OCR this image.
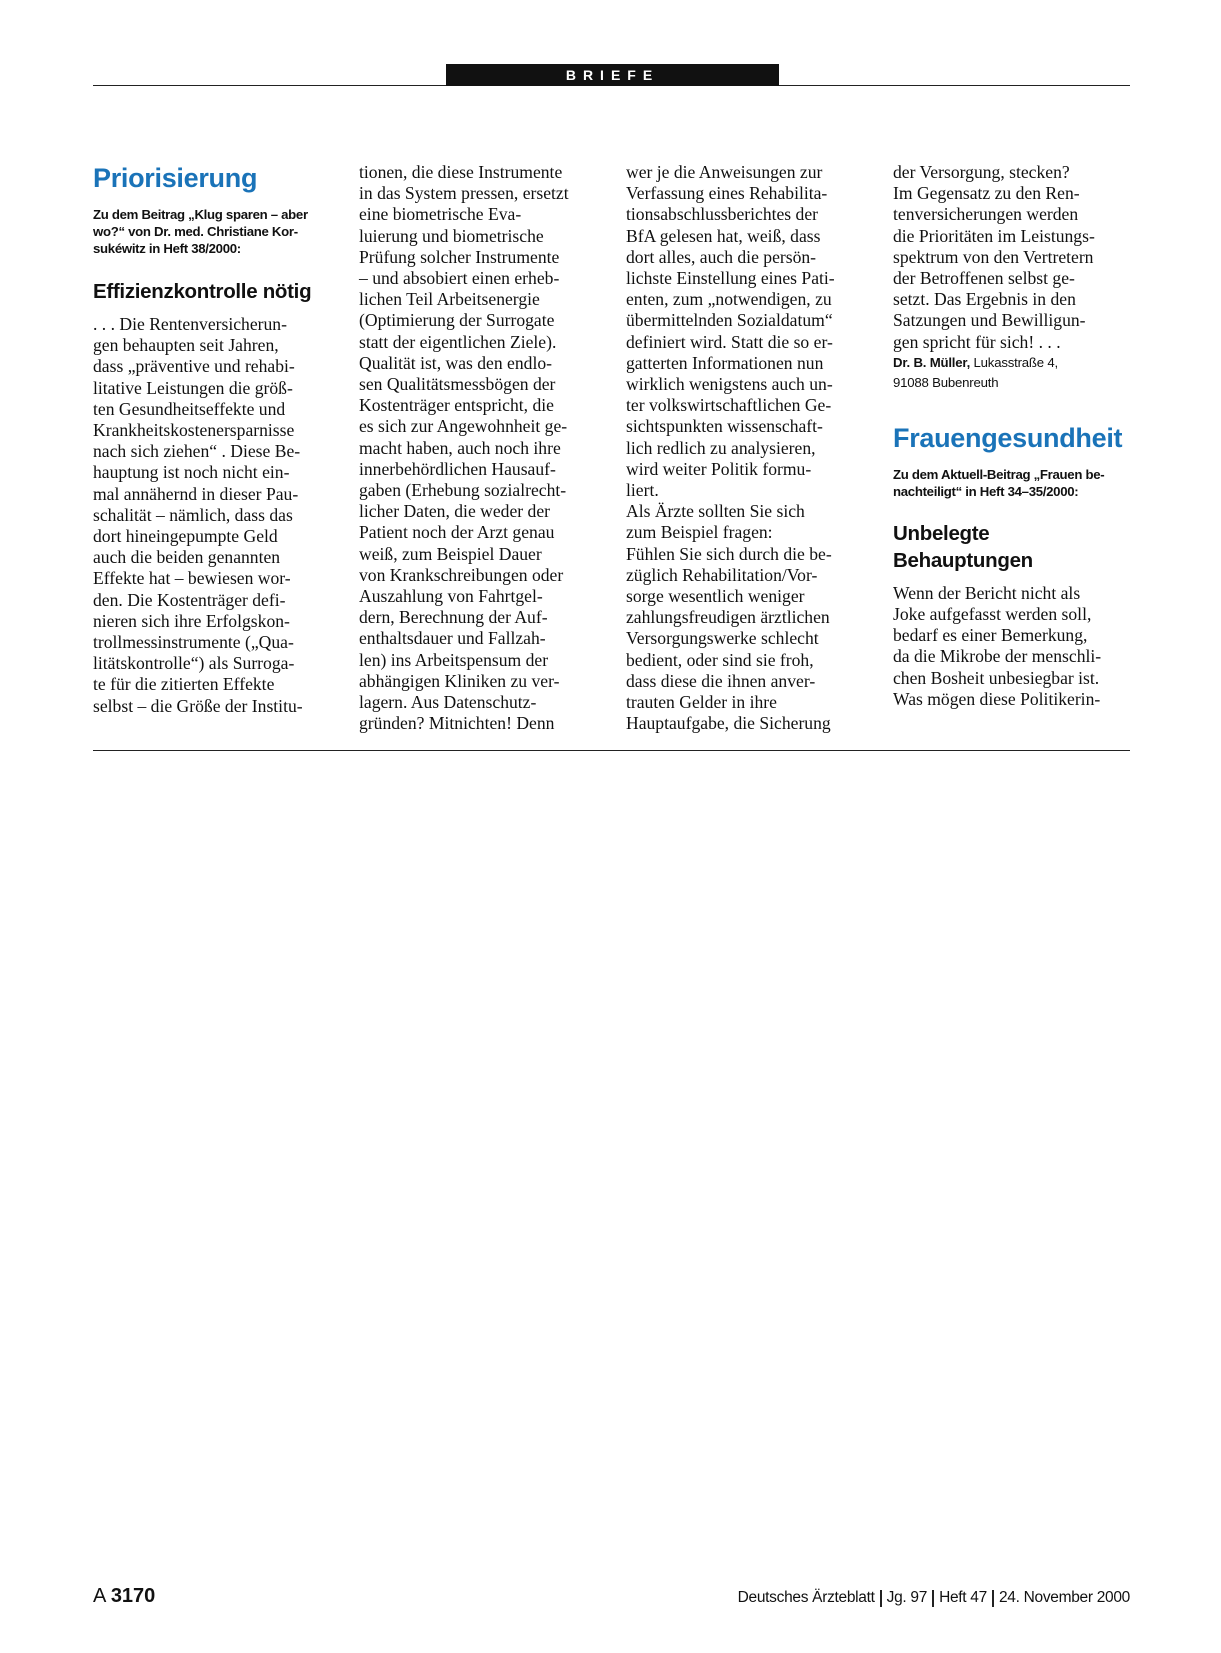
BRIEFE
Priorisierung

Zu dem Beitrag „Klug sparen – aber
wo?“ von Dr. med. Christiane Kor-
sukéwitz in Heft 38/2000:

Effizienzkontrolle nötig

. . . Die Rentenversicherun-
gen behaupten seit Jahren,
dass „präventive und rehabi-
litative Leistungen die größ-
ten Gesundheitseffekte und
Krankheitskostenersparnisse
nach sich ziehen“ . Diese Be-
hauptung ist noch nicht ein-
mal annähernd in dieser Pau-
schalität – nämlich, dass das
dort hineingepumpte Geld
auch die beiden genannten
Effekte hat – bewiesen wor-
den. Die Kostenträger defi-
nieren sich ihre Erfolgskon-
trollmessinstrumente („Qua-
litätskontrolle“) als Surroga-
te für die zitierten Effekte
selbst – die Größe der Institu-

tionen, die diese Instrumente
in das System pressen, ersetzt
eine biometrische Eva-
luierung und biometrische
Prüfung solcher Instrumente
– und absobiert einen erheb-
lichen Teil Arbeitsenergie
(Optimierung der Surrogate
statt der eigentlichen Ziele).
Qualität ist, was den endlo-
sen Qualitätsmessbögen der
Kostenträger entspricht, die
es sich zur Angewohnheit ge-
macht haben, auch noch ihre
innerbehördlichen Hausauf-
gaben (Erhebung sozialrecht-
licher Daten, die weder der
Patient noch der Arzt genau
weiß, zum Beispiel Dauer
von Krankschreibungen oder
Auszahlung von Fahrtgel-
dern, Berechnung der Auf-
enthaltsdauer und Fallzah-
len) ins Arbeitspensum der
abhängigen Kliniken zu ver-
lagern. Aus Datenschutz-
gründen? Mitnichten! Denn

wer je die Anweisungen zur
Verfassung eines Rehabilita-
tionsabschlussberichtes der
BfA gelesen hat, weiß, dass
dort alles, auch die persön-
lichste Einstellung eines Pati-
enten, zum „notwendigen, zu
übermittelnden Sozialdatum“
definiert wird. Statt die so er-
gatterten Informationen nun
wirklich wenigstens auch un-
ter volkswirtschaftlichen Ge-
sichtspunkten wissenschaft-
lich redlich zu analysieren,
wird weiter Politik formu-
liert.
Als Ärzte sollten Sie sich
zum Beispiel fragen:
Fühlen Sie sich durch die be-
züglich Rehabilitation/Vor-
sorge wesentlich weniger
zahlungsfreudigen ärztlichen
Versorgungswerke schlecht
bedient, oder sind sie froh,
dass diese die ihnen anver-
trauten Gelder in ihre
Hauptaufgabe, die Sicherung

der Versorgung, stecken?
Im Gegensatz zu den Ren-
tenversicherungen werden
die Prioritäten im Leistungs-
spektrum von den Vertretern
der Betroffenen selbst ge-
setzt. Das Ergebnis in den
Satzungen und Bewilligun-
gen spricht für sich! . . .

Dr. B. Müller, Lukasstraße 4,
91088 Bubenreuth

Frauengesundheit

Zu dem Aktuell-Beitrag „Frauen be-
nachteiligt“ in Heft 34–35/2000:

Unbelegte
Behauptungen

Wenn der Bericht nicht als
Joke aufgefasst werden soll,
bedarf es einer Bemerkung,
da die Mikrobe der menschli-
chen Bosheit unbesiegbar ist.
Was mögen diese Politikerin-

A 3170	Deutsches Ärzteblatt Jg. 97 Heft 47 24. November 2000
